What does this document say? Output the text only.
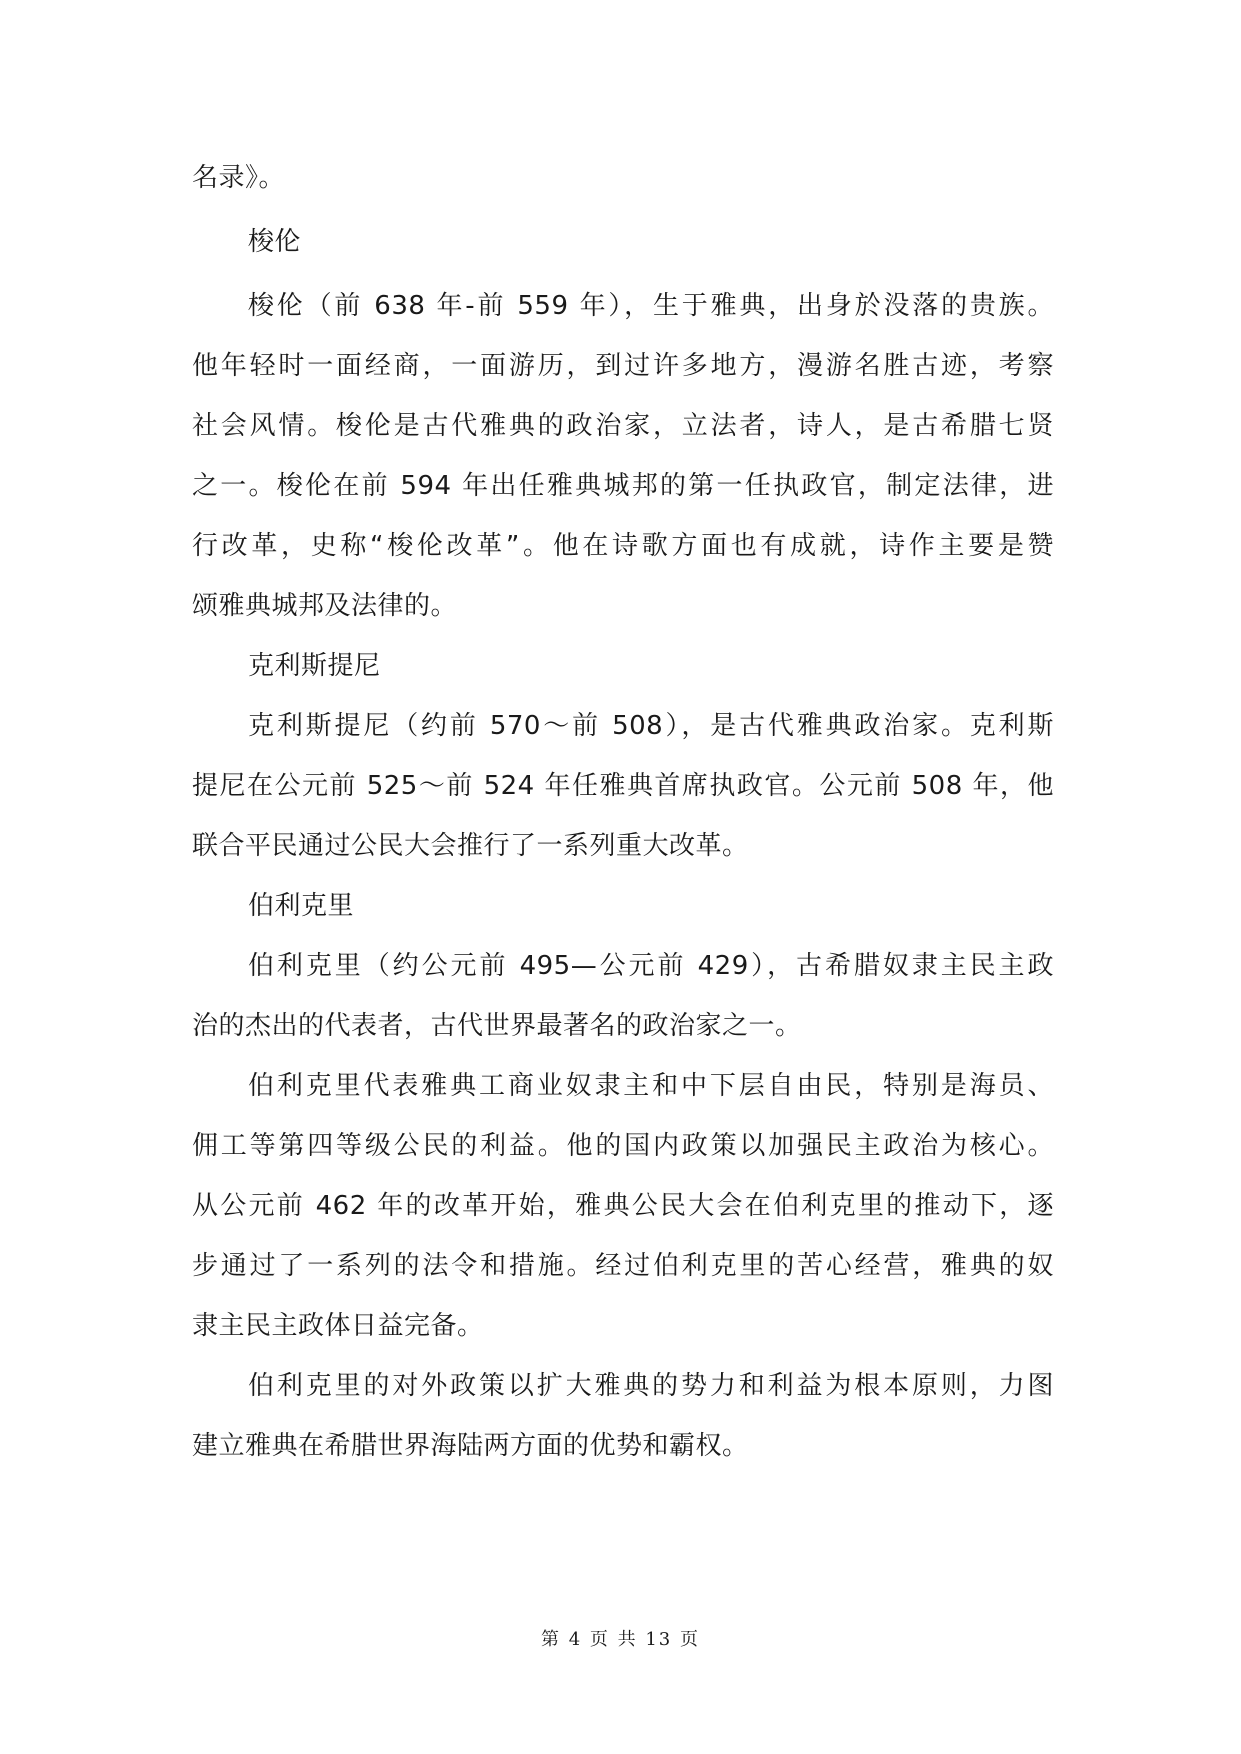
名录》。
梭伦
梭伦（前 638 年-前 559 年），生于雅典，出身於没落的贵族。
他年轻时一面经商，一面游历，到过许多地方，漫游名胜古迹，考察
社会风情。梭伦是古代雅典的政治家，立法者，诗人，是古希腊七贤
之一。梭伦在前 594 年出任雅典城邦的第一任执政官，制定法律，进
行改革，史称“梭伦改革”。他在诗歌方面也有成就，诗作主要是赞
颂雅典城邦及法律的。
克利斯提尼
克利斯提尼（约前 570～前 508），是古代雅典政治家。克利斯
提尼在公元前 525～前 524 年任雅典首席执政官。公元前 508 年，他
联合平民通过公民大会推行了一系列重大改革。
伯利克里
伯利克里（约公元前 495—公元前 429），古希腊奴隶主民主政
治的杰出的代表者，古代世界最著名的政治家之一。
伯利克里代表雅典工商业奴隶主和中下层自由民，特别是海员、
佣工等第四等级公民的利益。他的国内政策以加强民主政治为核心。
从公元前 462 年的改革开始，雅典公民大会在伯利克里的推动下，逐
步通过了一系列的法令和措施。经过伯利克里的苦心经营，雅典的奴
隶主民主政体日益完备。
伯利克里的对外政策以扩大雅典的势力和利益为根本原则，力图
建立雅典在希腊世界海陆两方面的优势和霸权。
第 4 页 共 13 页
